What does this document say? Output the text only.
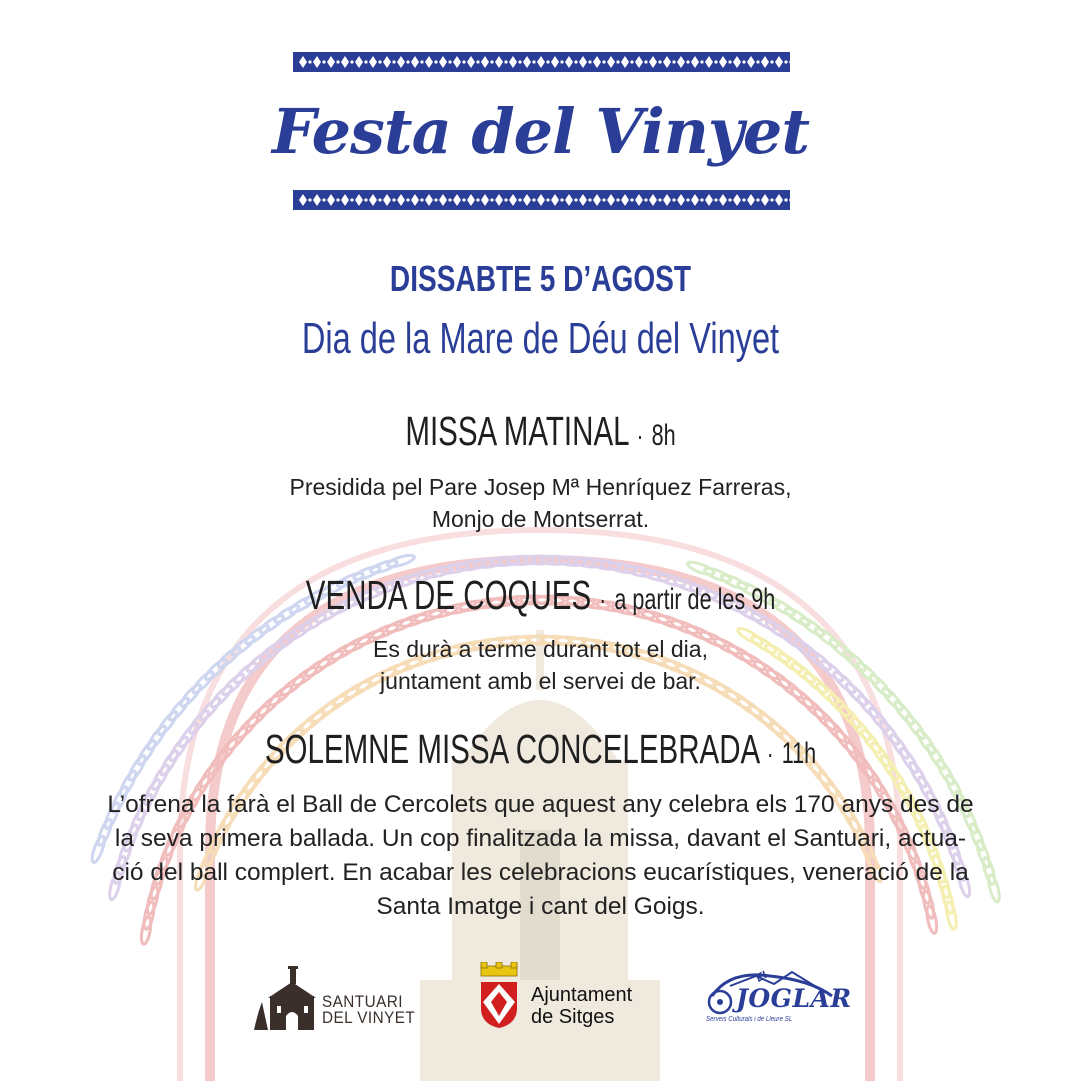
Festa del Vinyet
DISSABTE 5 D’AGOST
Dia de la Mare de Déu del Vinyet
MISSA MATINAL · 8h
Presidida pel Pare Josep Mª Henríquez Farreras,
Monjo de Montserrat.
VENDA DE COQUES · a partir de les 9h
Es durà a terme durant tot el dia,
juntament amb el servei de bar.
SOLEMNE MISSA CONCELEBRADA · 11h
L’ofrena la farà el Ball de Cercolets que aquest any celebra els 170 anys des de
la seva primera ballada. Un cop finalitzada la missa, davant el Santuari, actua-
ció del ball complert. En acabar les celebracions eucarístiques, veneració de la
Santa Imatge i cant del Goigs.
SANTUARI
DEL VINYET
Ajuntament
de Sitges
EL
JOGLAR
Serveis Culturals i de Lleure SL
